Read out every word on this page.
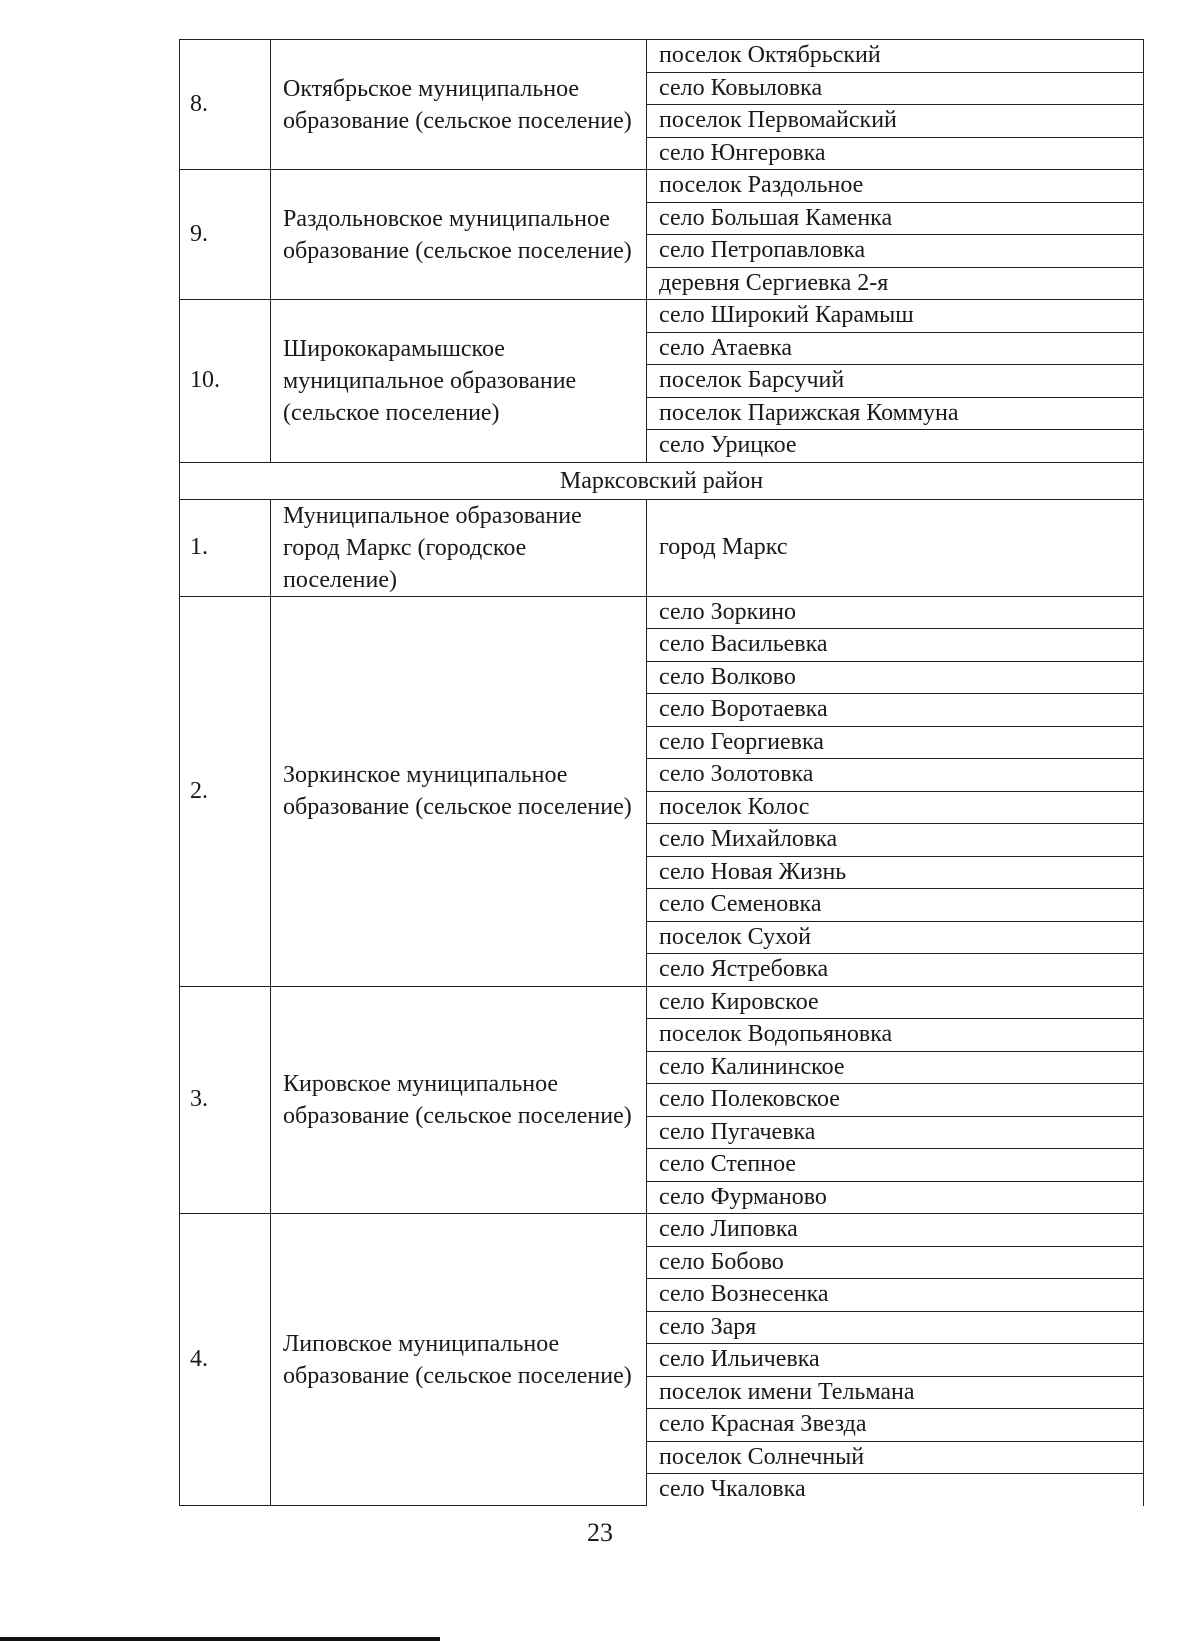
8.	Октябрьское муниципальное образование (сельское поселение)	поселок Октябрьский
		село Ковыловка
		поселок Первомайский
		село Юнгеровка
9.	Раздольновское муниципальное образование (сельское поселение)	поселок Раздольное
		село Большая Каменка
		село Петропавловка
		деревня Сергиевка 2-я
10.	Ширококарамышское муниципальное образование (сельское поселение)	село Широкий Карамыш
		село Атаевка
		поселок Барсучий
		поселок Парижская Коммуна
		село Урицкое
Марксовский район		
1.	Муниципальное образование город Маркс (городское поселение)	город Маркс
2.	Зоркинское муниципальное образование (сельское поселение)	село Зоркино
		село Васильевка
		село Волково
		село Воротаевка
		село Георгиевка
		село Золотовка
		поселок Колос
		село Михайловка
		село Новая Жизнь
		село Семеновка
		поселок Сухой
		село Ястребовка
3.	Кировское муниципальное образование (сельское поселение)	село Кировское
		поселок Водопьяновка
		село Калининское
		село Полековское
		село Пугачевка
		село Степное
		село Фурманово
4.	Липовское муниципальное образование (сельское поселение)	село Липовка
		село Бобово
		село Вознесенка
		село Заря
		село Ильичевка
		поселок имени Тельмана
		село Красная Звезда
		поселок Солнечный
		село Чкаловка
23
